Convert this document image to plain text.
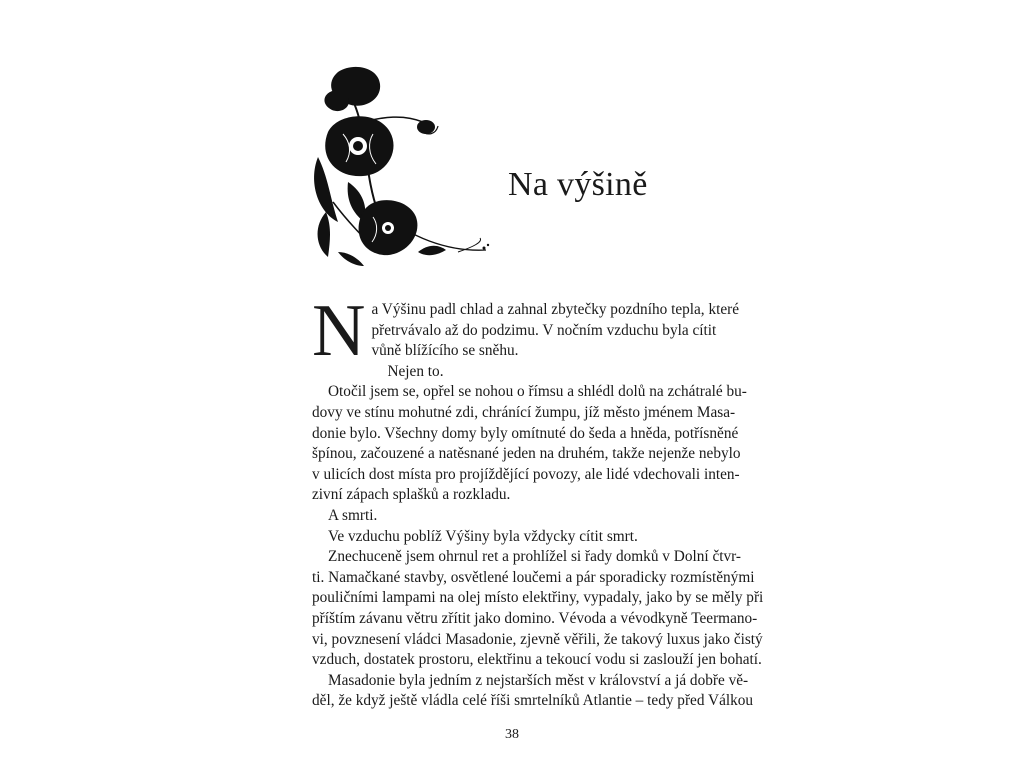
Na výšině
N a Výšinu padl chlad a zahnal zbytečky pozdního tepla, které
přetrvávalo až do podzimu. V nočním vzduchu byla cítit
vůně blížícího se sněhu.
Nejen to.
Otočil jsem se, opřel se nohou o římsu a shlédl dolů na zchátralé bu-
dovy ve stínu mohutné zdi, chránící žumpu, jíž město jménem Masa-
donie bylo. Všechny domy byly omítnuté do šeda a hněda, potřísněné
špínou, začouzené a natěsnané jeden na druhém, takže nejenže nebylo
v ulicích dost místa pro projíždějící povozy, ale lidé vdechovali inten-
zivní zápach splašků a rozkladu.
A smrti.
Ve vzduchu poblíž Výšiny byla vždycky cítit smrt.
Znechuceně jsem ohrnul ret a prohlížel si řady domků v Dolní čtvr-
ti. Namačkané stavby, osvětlené loučemi a pár sporadicky rozmístěnými
pouličními lampami na olej místo elektřiny, vypadaly, jako by se měly při
příštím závanu větru zřítit jako domino. Vévoda a vévodkyně Teermano-
vi, povznesení vládci Masadonie, zjevně věřili, že takový luxus jako čistý
vzduch, dostatek prostoru, elektřinu a tekoucí vodu si zaslouží jen bohatí.
Masadonie byla jedním z nejstarších měst v království a já dobře vě-
děl, že když ještě vládla celé říši smrtelníků Atlantie – tedy před Válkou
38
